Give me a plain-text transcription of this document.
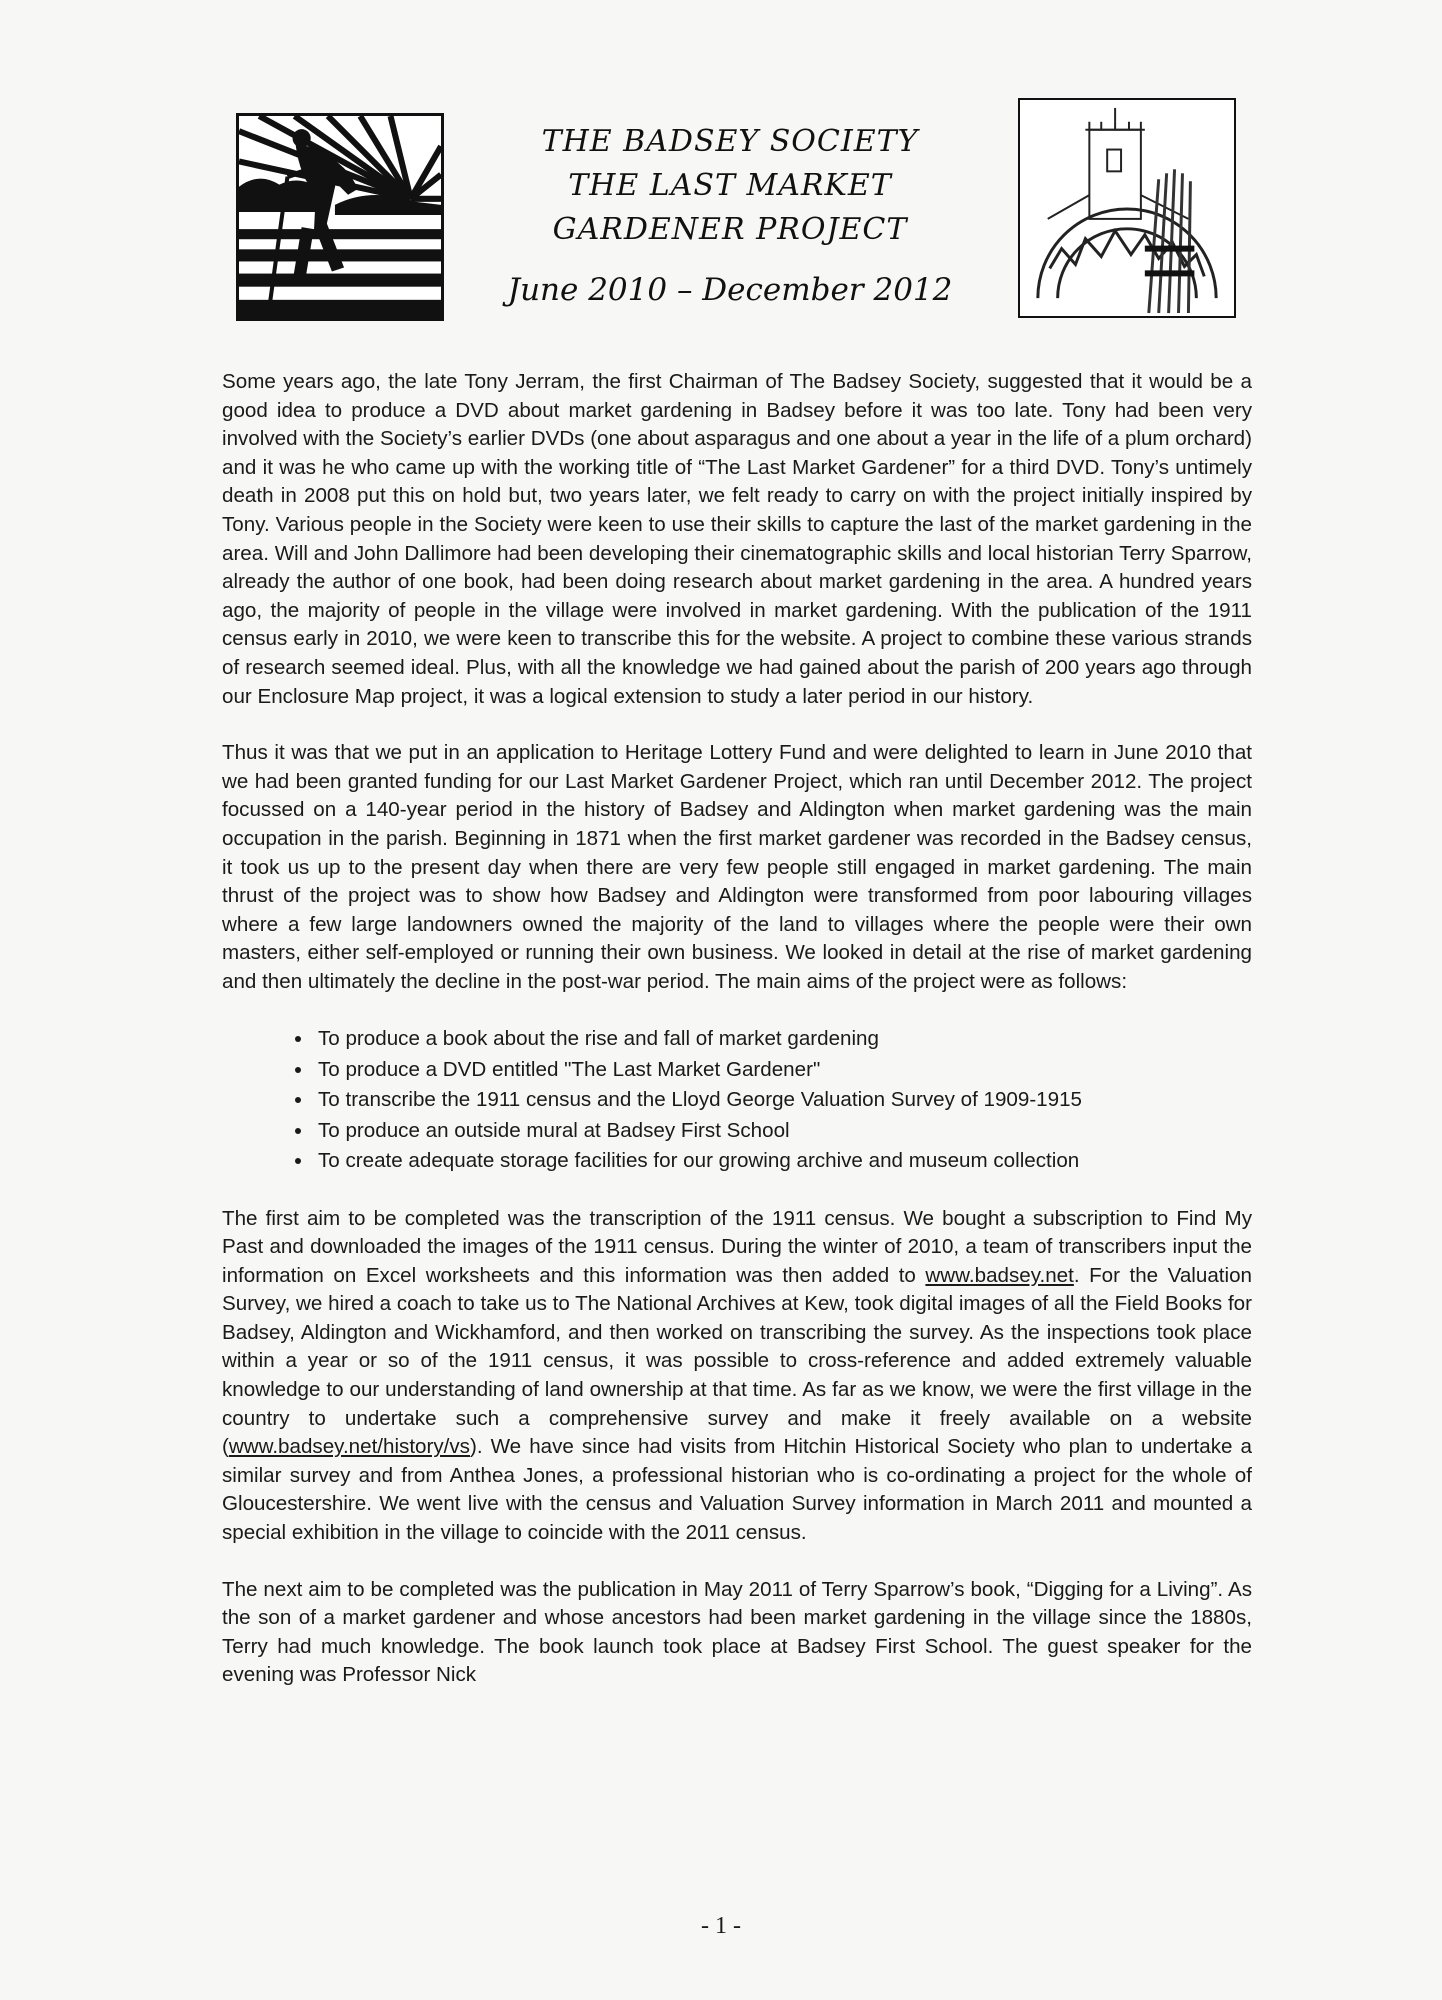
THE BADSEY SOCIETY
THE LAST MARKET
GARDENER PROJECT
June 2010 – December 2012

Some years ago, the late Tony Jerram, the first Chairman of The Badsey Society, suggested that it would be a good idea to produce a DVD about market gardening in Badsey before it was too late. Tony had been very involved with the Society’s earlier DVDs (one about asparagus and one about a year in the life of a plum orchard) and it was he who came up with the working title of “The Last Market Gardener” for a third DVD. Tony’s untimely death in 2008 put this on hold but, two years later, we felt ready to carry on with the project initially inspired by Tony. Various people in the Society were keen to use their skills to capture the last of the market gardening in the area. Will and John Dallimore had been developing their cinematographic skills and local historian Terry Sparrow, already the author of one book, had been doing research about market gardening in the area. A hundred years ago, the majority of people in the village were involved in market gardening. With the publication of the 1911 census early in 2010, we were keen to transcribe this for the website. A project to combine these various strands of research seemed ideal. Plus, with all the knowledge we had gained about the parish of 200 years ago through our Enclosure Map project, it was a logical extension to study a later period in our history.

Thus it was that we put in an application to Heritage Lottery Fund and were delighted to learn in June 2010 that we had been granted funding for our Last Market Gardener Project, which ran until December 2012. The project focussed on a 140-year period in the history of Badsey and Aldington when market gardening was the main occupation in the parish. Beginning in 1871 when the first market gardener was recorded in the Badsey census, it took us up to the present day when there are very few people still engaged in market gardening. The main thrust of the project was to show how Badsey and Aldington were transformed from poor labouring villages where a few large landowners owned the majority of the land to villages where the people were their own masters, either self-employed or running their own business. We looked in detail at the rise of market gardening and then ultimately the decline in the post-war period. The main aims of the project were as follows:

• To produce a book about the rise and fall of market gardening
• To produce a DVD entitled "The Last Market Gardener"
• To transcribe the 1911 census and the Lloyd George Valuation Survey of 1909-1915
• To produce an outside mural at Badsey First School
• To create adequate storage facilities for our growing archive and museum collection

The first aim to be completed was the transcription of the 1911 census. We bought a subscription to Find My Past and downloaded the images of the 1911 census. During the winter of 2010, a team of transcribers input the information on Excel worksheets and this information was then added to www.badsey.net. For the Valuation Survey, we hired a coach to take us to The National Archives at Kew, took digital images of all the Field Books for Badsey, Aldington and Wickhamford, and then worked on transcribing the survey. As the inspections took place within a year or so of the 1911 census, it was possible to cross-reference and added extremely valuable knowledge to our understanding of land ownership at that time. As far as we know, we were the first village in the country to undertake such a comprehensive survey and make it freely available on a website (www.badsey.net/history/vs). We have since had visits from Hitchin Historical Society who plan to undertake a similar survey and from Anthea Jones, a professional historian who is co-ordinating a project for the whole of Gloucestershire. We went live with the census and Valuation Survey information in March 2011 and mounted a special exhibition in the village to coincide with the 2011 census.

The next aim to be completed was the publication in May 2011 of Terry Sparrow’s book, “Digging for a Living”. As the son of a market gardener and whose ancestors had been market gardening in the village since the 1880s, Terry had much knowledge. The book launch took place at Badsey First School. The guest speaker for the evening was Professor Nick

- 1 -
